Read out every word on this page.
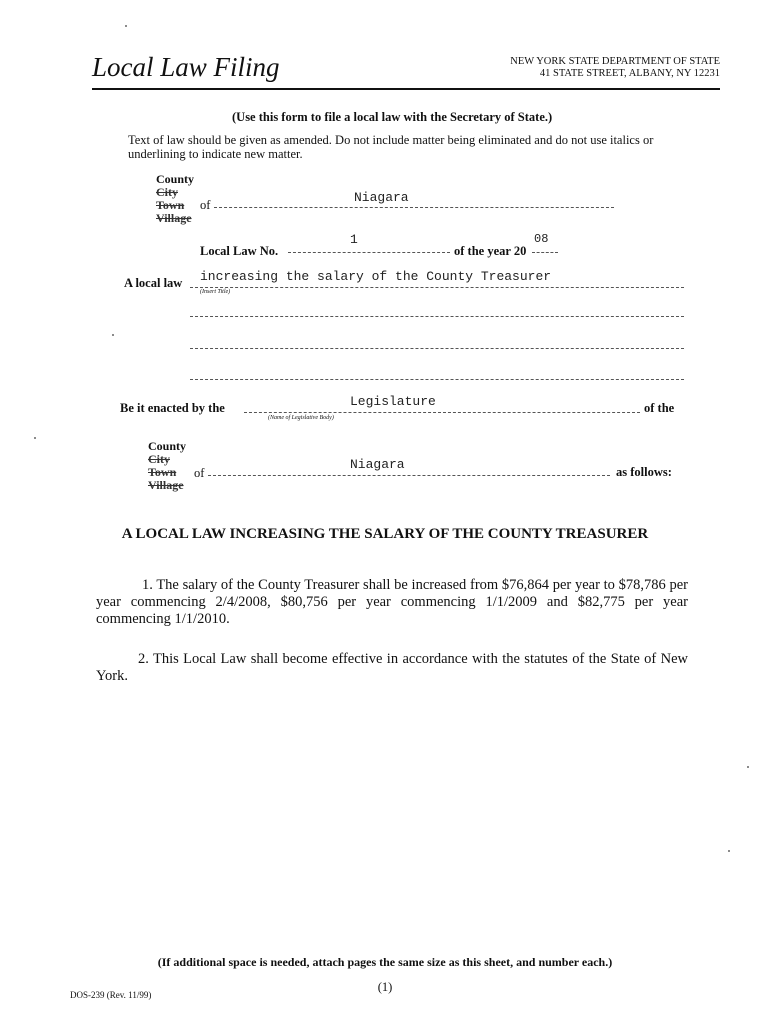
Local Law Filing	NEW YORK STATE DEPARTMENT OF STATE
41 STATE STREET, ALBANY, NY 12231
(Use this form to file a local law with the Secretary of State.)
Text of law should be given as amended. Do not include matter being eliminated and do not use italics or underlining to indicate new matter.
County
City
Town
Village
of	Niagara
Local Law No.
1
of the year 20
08
A local law increasing the salary of the County Treasurer
(Insert Title)
Be it enacted by the	Legislature
(Name of Legislative Body)
of the
County
City
Town
Village
of
Niagara	as follows:
A LOCAL LAW INCREASING THE SALARY OF THE COUNTY TREASURER
1. The salary of the County Treasurer shall be increased from $76,864 per year to $78,786 per year commencing 2/4/2008, $80,756 per year commencing 1/1/2009 and $82,775 per year commencing 1/1/2010.
2. This Local Law shall become effective in accordance with the statutes of the State of New York.
(If additional space is needed, attach pages the same size as this sheet, and number each.)
(1)
DOS-239 (Rev. 11/99)
